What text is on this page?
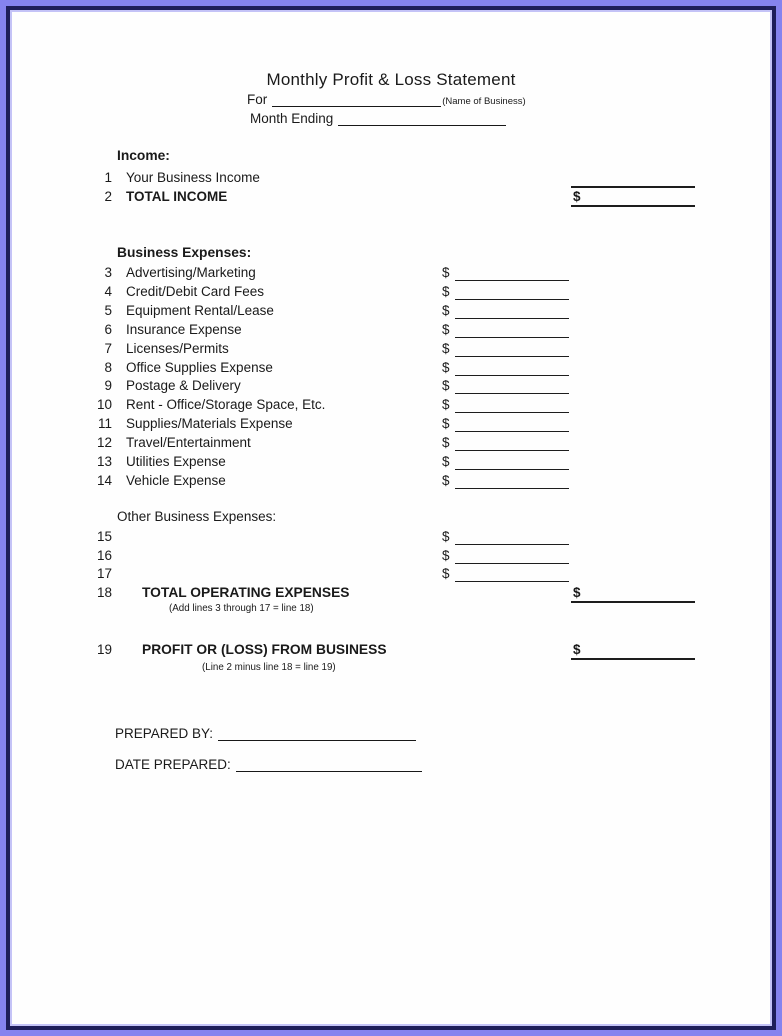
Monthly Profit & Loss Statement
For	(Name of Business)
Month Ending
Income:
1 Your Business Income
2 TOTAL INCOME	$
Business Expenses:
3 Advertising/Marketing	$
4 Credit/Debit Card Fees	$
5 Equipment Rental/Lease	$
6 Insurance Expense	$
7 Licenses/Permits	$
8 Office Supplies Expense	$
9 Postage & Delivery	$
10 Rent - Office/Storage Space, Etc.	$
11 Supplies/Materials Expense	$
12 Travel/Entertainment	$
13 Utilities Expense	$
14 Vehicle Expense	$
Other Business Expenses:
15	$
16	$
17	$
18 TOTAL OPERATING EXPENSES	$
(Add lines 3 through 17 = line 18)
19 PROFIT OR (LOSS) FROM BUSINESS	$
(Line 2 minus line 18 = line 19)
PREPARED BY:
DATE PREPARED:
